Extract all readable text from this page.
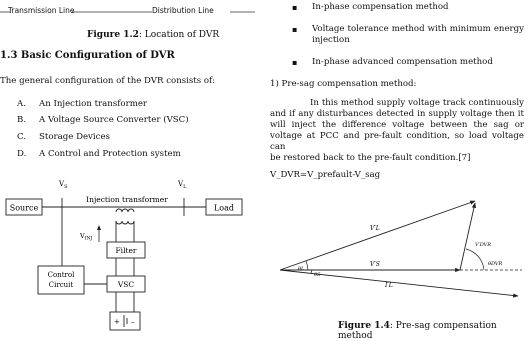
Transmission Line	Distribution Line
Figure 1.2: Location of DVR
1.3 Basic Configuration of DVR
The general configuration of the DVR consists of:
A. An Injection transformer
B. A Voltage Source Converter (VSC)
C. Storage Devices
D. A Control and Protection system
Source	Load
$V_S$	$V_L$
Injection transformer
$V_{INJ}$
Filter
VSC
Control
Circuit
+ –
▪ In-phase compensation method
▪ Voltage tolerance method with minimum energy
injection
▪ In-phase advanced compensation method
1) Pre-sag compensation method:
In this method supply voltage track continuously
and if any disturbances detected in supply voltage then it
will inject the difference voltage between the sag or
voltage at PCC and pre-fault condition, so load voltage can
be restored back to the pre-fault condition.[7]
V_DVR=V_prefault-V_sag
V′L
V′S
I′L
V′DVR
θL
θS
θDVR
Figure 1.4: Pre-sag compensation method
